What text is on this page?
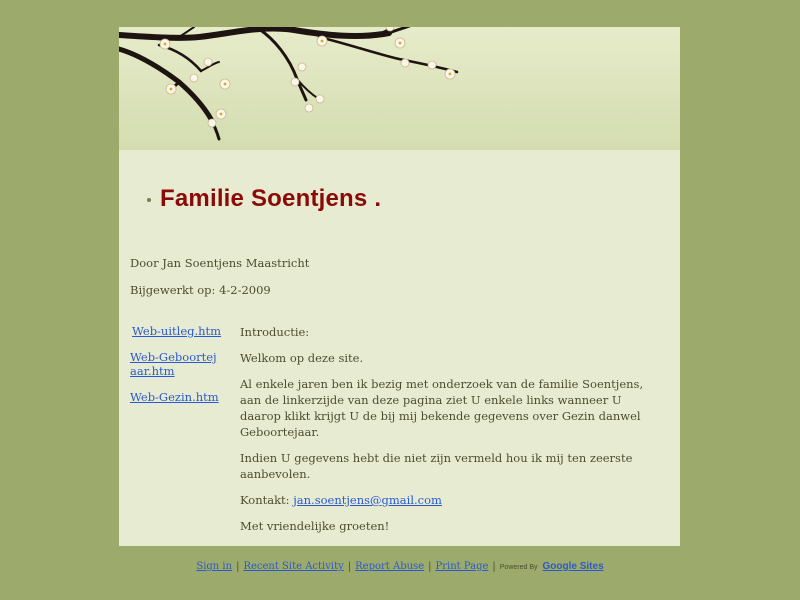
Familie Soentjens .
Door Jan Soentjens Maastricht
Bijgewerkt op: 4-2-2009
Web-uitleg.htm
Web-Geboortejaar.htm
Web-Gezin.htm

Introductie:

Welkom op deze site.

Al enkele jaren ben ik bezig met onderzoek van de familie Soentjens, aan de linkerzijde van deze pagina ziet U enkele links wanneer U daarop klikt krijgt U de bij mij bekende gegevens over Gezin danwel Geboortejaar.

Indien U gegevens hebt die niet zijn vermeld hou ik mij ten zeerste aanbevolen.

Kontakt: jan.soentjens@gmail.com

Met vriendelijke groeten!

Sign in | Recent Site Activity | Report Abuse | Print Page | Powered By Google Sites
